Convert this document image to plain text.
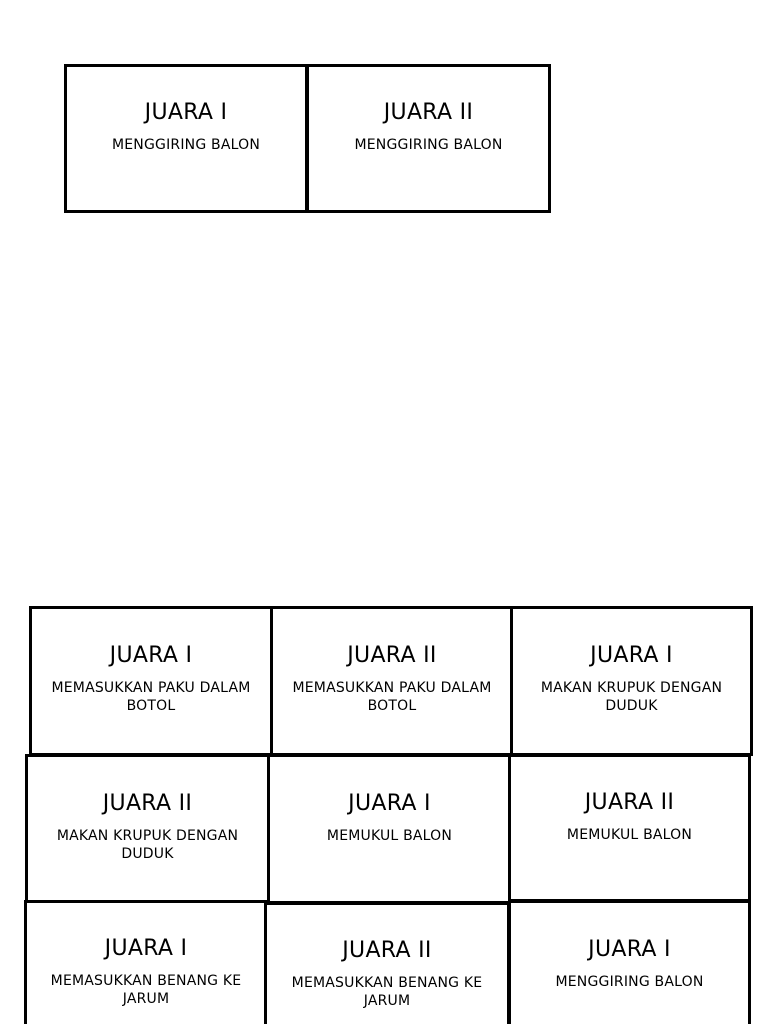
JUARA I
MENGGIRING BALON
JUARA II
MENGGIRING BALON
JUARA I
MEMASUKKAN PAKU DALAM BOTOL
JUARA II
MEMASUKKAN PAKU DALAM BOTOL
JUARA I
MAKAN KRUPUK DENGAN DUDUK
JUARA II
MAKAN KRUPUK DENGAN DUDUK
JUARA I
MEMUKUL BALON
JUARA II
MEMUKUL BALON
JUARA I
MEMASUKKAN BENANG KE JARUM
JUARA II
MEMASUKKAN BENANG KE JARUM
JUARA I
MENGGIRING BALON
